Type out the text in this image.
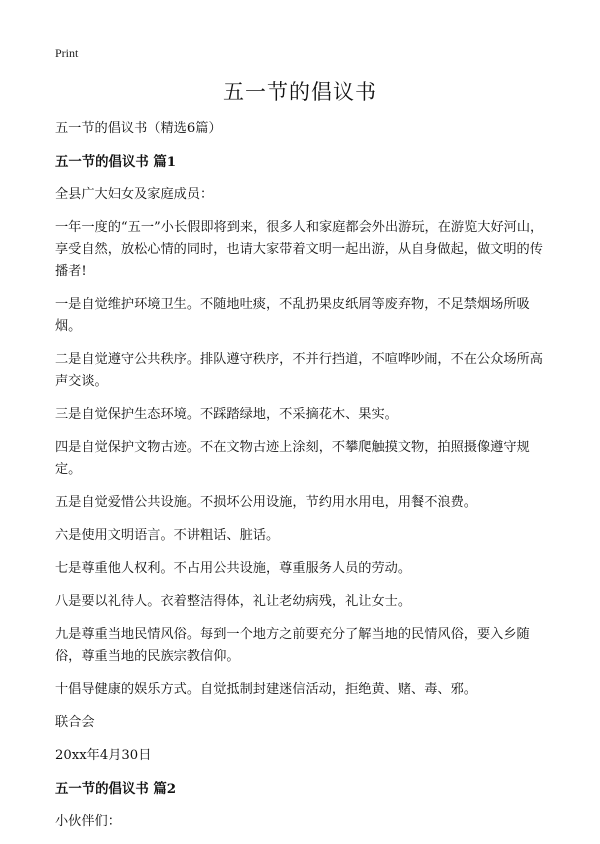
Print
五一节的倡议书

五一节的倡议书（精选6篇）

五一节的倡议书 篇1

全县广大妇女及家庭成员：

一年一度的“五一”小长假即将到来，很多人和家庭都会外出游玩，在游览大好河山，享受自然，放松心情的同时，也请大家带着文明一起出游，从自身做起，做文明的传播者!

一是自觉维护环境卫生。不随地吐痰，不乱扔果皮纸屑等废弃物，不足禁烟场所吸烟。

二是自觉遵守公共秩序。排队遵守秩序，不并行挡道，不喧哗吵闹，不在公众场所高声交谈。

三是自觉保护生态环境。不踩踏绿地，不采摘花木、果实。

四是自觉保护文物古迹。不在文物古迹上涂刻，不攀爬触摸文物，拍照摄像遵守规定。

五是自觉爱惜公共设施。不损坏公用设施，节约用水用电，用餐不浪费。

六是使用文明语言。不讲粗话、脏话。

七是尊重他人权利。不占用公共设施，尊重服务人员的劳动。

八是要以礼待人。衣着整洁得体，礼让老幼病残，礼让女士。

九是尊重当地民情风俗。每到一个地方之前要充分了解当地的民情风俗，要入乡随俗，尊重当地的民族宗教信仰。

十倡导健康的娱乐方式。自觉抵制封建迷信活动，拒绝黄、赌、毒、邪。

联合会

20xx年4月30日

五一节的倡议书 篇2

小伙伴们：
